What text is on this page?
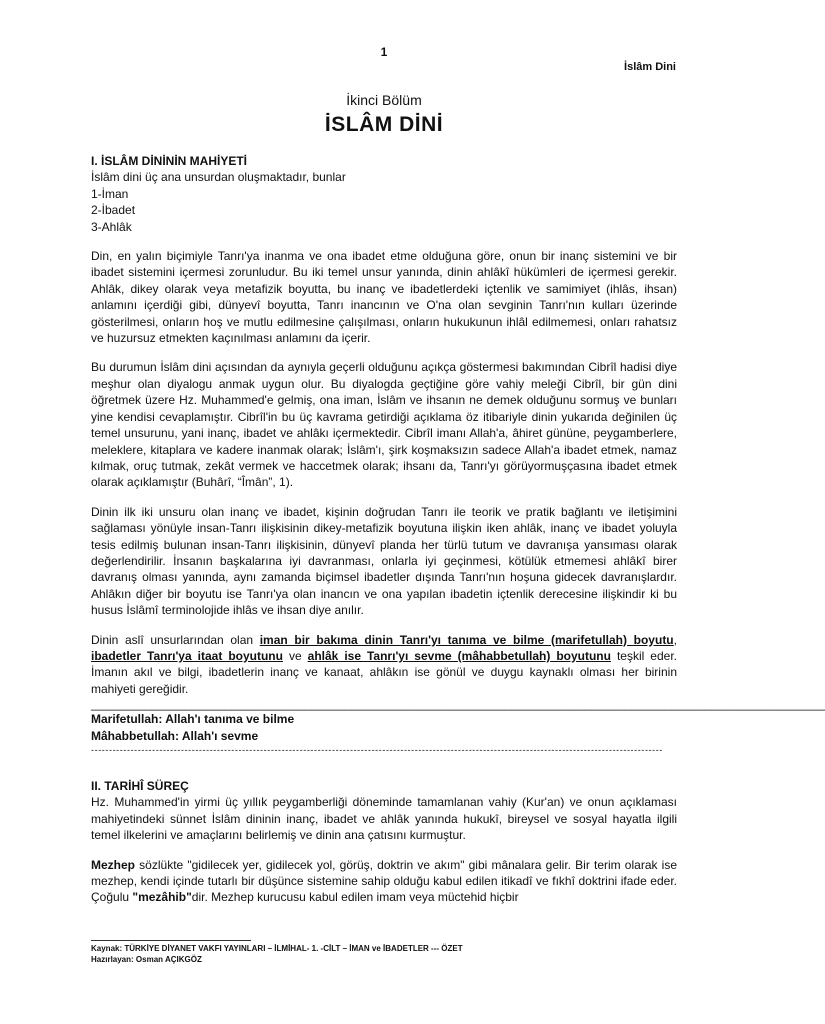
1
İslâm Dini
İkinci Bölüm
İSLÂM DİNİ

I. İSLÂM DİNİNİN MAHİYETİ

İslâm dini üç ana unsurdan oluşmaktadır, bunlar

1-İman

2-İbadet

3-Ahlâk

Din, en yalın biçimiyle Tanrı'ya inanma ve ona ibadet etme olduğuna göre, onun bir inanç sistemini ve bir ibadet sistemini içermesi zorunludur. Bu iki temel unsur yanında, dinin ahlâkî hükümleri de içermesi gerekir. Ahlâk, dikey olarak veya metafizik boyutta, bu inanç ve ibadetlerdeki içtenlik ve samimiyet (ihlâs, ihsan) anlamını içerdiği gibi, dünyevî boyutta, Tanrı inancının ve O'na olan sevginin Tanrı'nın kulları üzerinde gösterilmesi, onların hoş ve mutlu edilmesine çalışılması, onların hukukunun ihlâl edilmemesi, onları rahatsız ve huzursuz etmekten kaçınılması anlamını da içerir.

Bu durumun İslâm dini açısından da aynıyla geçerli olduğunu açıkça göstermesi bakımından Cibrîl hadisi diye meşhur olan diyalogu anmak uygun olur. Bu diyalogda geçtiğine göre vahiy meleği Cibrîl, bir gün dini öğretmek üzere Hz. Muhammed'e gelmiş, ona iman, İslâm ve ihsanın ne demek olduğunu sormuş ve bunları yine kendisi cevaplamıştır. Cibrîl'in bu üç kavrama getirdiği açıklama öz itibariyle dinin yukarıda değinilen üç temel unsurunu, yani inanç, ibadet ve ahlâkı içermektedir. Cibrîl imanı Allah'a, âhiret gününe, peygamberlere, meleklere, kitaplara ve kadere inanmak olarak; İslâm'ı, şirk koşmaksızın sadece Allah'a ibadet etmek, namaz kılmak, oruç tutmak, zekât vermek ve haccetmek olarak; ihsanı da, Tanrı'yı görüyormuşçasına ibadet etmek olarak açıklamıştır (Buhârî, “Îmân”, 1).

Dinin ilk iki unsuru olan inanç ve ibadet, kişinin doğrudan Tanrı ile teorik ve pratik bağlantı ve iletişimini sağlaması yönüyle insan-Tanrı ilişkisinin dikey-metafizik boyutuna ilişkin iken ahlâk, inanç ve ibadet yoluyla tesis edilmiş bulunan insan-Tanrı ilişkisinin, dünyevî planda her türlü tutum ve davranışa yansıması olarak değerlendirilir. İnsanın başkalarına iyi davranması, onlarla iyi geçinmesi, kötülük etmemesi ahlâkî birer davranış olması yanında, aynı zamanda biçimsel ibadetler dışında Tanrı'nın hoşuna gidecek davranışlardır. Ahlâkın diğer bir boyutu ise Tanrı'ya olan inancın ve ona yapılan ibadetin içtenlik derecesine ilişkindir ki bu husus İslâmî terminolojide ihlâs ve ihsan diye anılır.

Dinin aslî unsurlarından olan iman bir bakıma dinin Tanrı'yı tanıma ve bilme (marifetullah) boyutu, ibadetler Tanrı'ya itaat boyutunu ve ahlâk ise Tanrı'yı sevme (mâhabbetullah) boyutunu teşkil eder. İmanın akıl ve bilgi, ibadetlerin inanç ve kanaat, ahlâkın ise gönül ve duygu kaynaklı olması her birinin mahiyeti gereğidir.

______________________________________________________________________________________________________________

Marifetullah: Allah'ı tanıma ve bilme

Mâhabbetullah: Allah'ı sevme

---------------------------------------------------------------------------------------------------------------------------------------------------------------

II. TARİHÎ SÜREÇ

Hz. Muhammed'in yirmi üç yıllık peygamberliği döneminde tamamlanan vahiy (Kur'an) ve onun açıklaması mahiyetindeki sünnet İslâm dininin inanç, ibadet ve ahlâk yanında hukukî, bireysel ve sosyal hayatla ilgili temel ilkelerini ve amaçlarını belirlemiş ve dinin ana çatısını kurmuştur.

Mezhep sözlükte "gidilecek yer, gidilecek yol, görüş, doktrin ve akım" gibi mânalara gelir. Bir terim olarak ise mezhep, kendi içinde tutarlı bir düşünce sistemine sahip olduğu kabul edilen itikadî ve fıkhî doktrini ifade eder. Çoğulu "mezâhib"dir. Mezhep kurucusu kabul edilen imam veya müctehid hiçbir

Kaynak: TÜRKİYE DİYANET VAKFI YAYINLARI – İLMİHAL- 1. -CİLT – İMAN ve İBADETLER --- ÖZET
Hazırlayan: Osman AÇIKGÖZ
